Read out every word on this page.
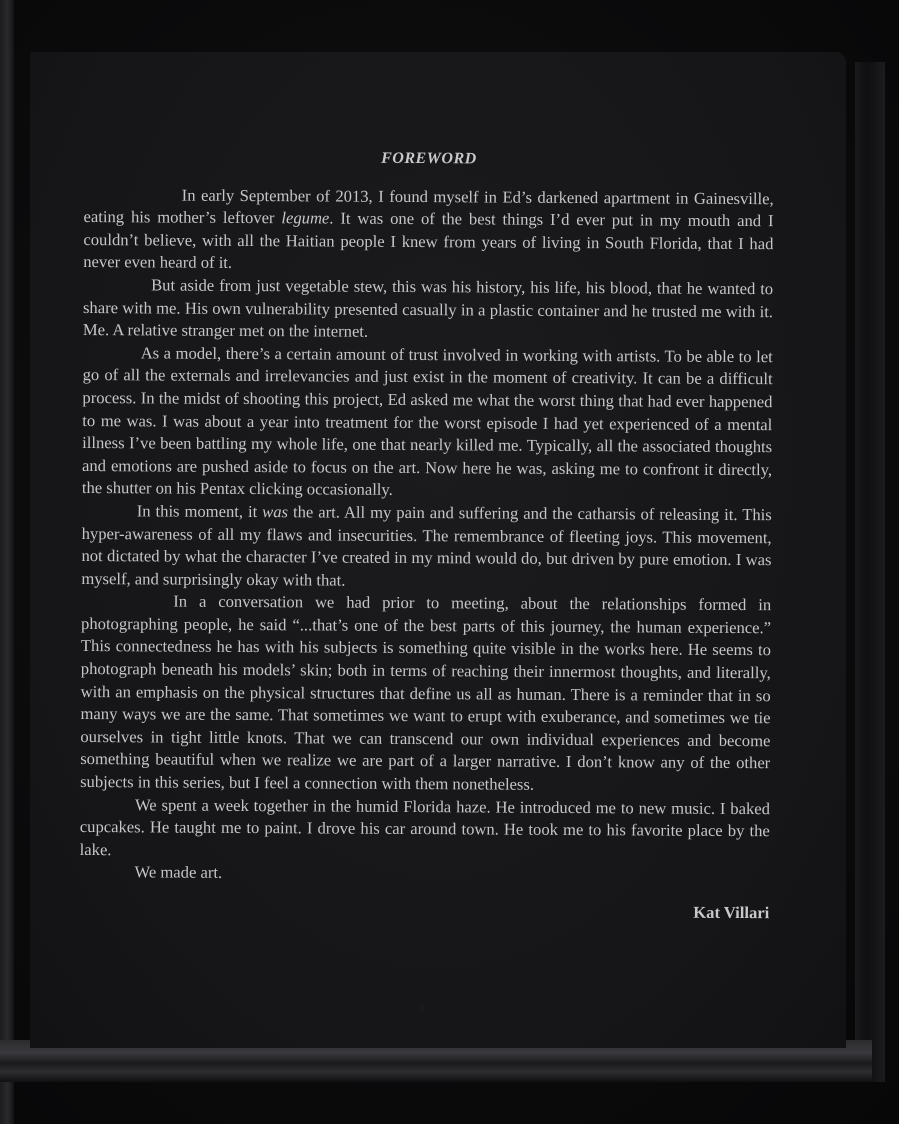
FOREWORD

In early September of 2013, I found myself in Ed’s darkened apartment in Gainesville, eating his mother’s leftover legume. It was one of the best things I’d ever put in my mouth and I couldn’t believe, with all the Haitian people I knew from years of living in South Florida, that I had never even heard of it.

But aside from just vegetable stew, this was his history, his life, his blood, that he wanted to share with me. His own vulnerability presented casually in a plastic container and he trusted me with it. Me. A relative stranger met on the internet.

As a model, there’s a certain amount of trust involved in working with artists. To be able to let go of all the externals and irrelevancies and just exist in the moment of creativity. It can be a difficult process. In the midst of shooting this project, Ed asked me what the worst thing that had ever happened to me was. I was about a year into treatment for the worst episode I had yet experienced of a mental illness I’ve been battling my whole life, one that nearly killed me. Typically, all the associated thoughts and emotions are pushed aside to focus on the art. Now here he was, asking me to confront it directly, the shutter on his Pentax clicking occasionally.

In this moment, it was the art. All my pain and suffering and the catharsis of releasing it. This hyper-awareness of all my flaws and insecurities. The remembrance of fleeting joys. This movement, not dictated by what the character I’ve created in my mind would do, but driven by pure emotion. I was myself, and surprisingly okay with that.

In a conversation we had prior to meeting, about the relationships formed in photographing people, he said “...that’s one of the best parts of this journey, the human experience.” This connectedness he has with his subjects is something quite visible in the works here. He seems to photograph beneath his models’ skin; both in terms of reaching their innermost thoughts, and literally, with an emphasis on the physical structures that define us all as human. There is a reminder that in so many ways we are the same. That sometimes we want to erupt with exuberance, and sometimes we tie ourselves in tight little knots. That we can transcend our own individual experiences and become something beautiful when we realize we are part of a larger narrative. I don’t know any of the other subjects in this series, but I feel a connection with them nonetheless.

We spent a week together in the humid Florida haze. He introduced me to new music. I baked cupcakes. He taught me to paint. I drove his car around town. He took me to his favorite place by the lake.

We made art.

Kat Villari
3
